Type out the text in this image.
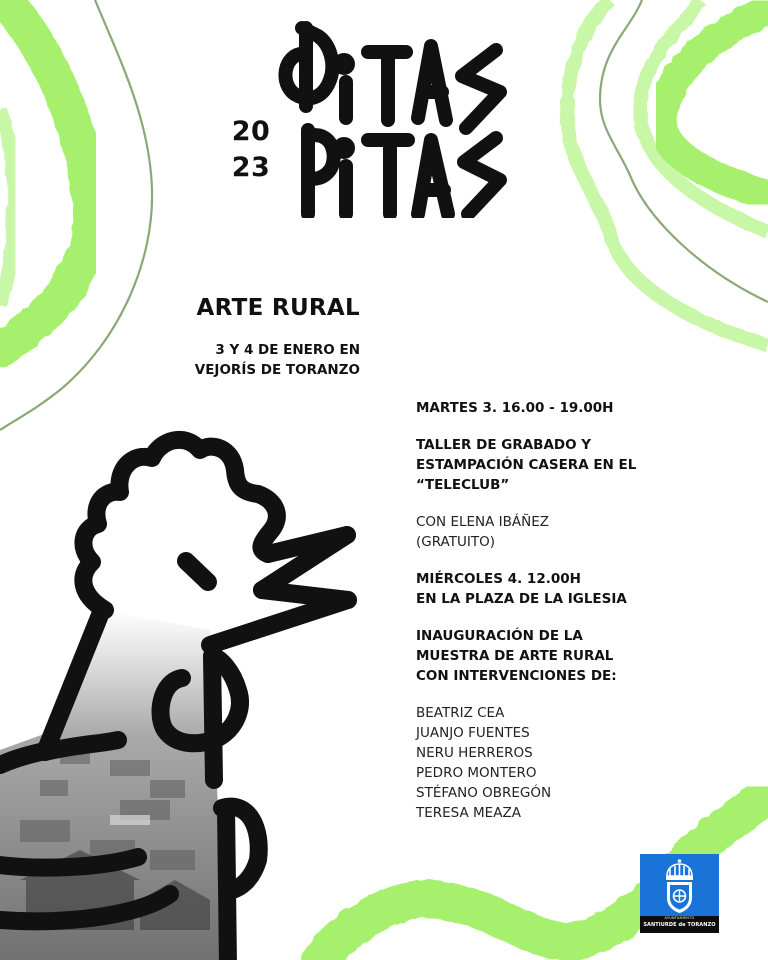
20
23
ARTE RURAL
3 Y 4 DE ENERO EN
VEJORÍS DE TORANZO
MARTES 3. 16.00 - 19.00H
TALLER DE GRABADO Y
ESTAMPACIÓN CASERA EN EL
“TELECLUB”
CON ELENA IBÁÑEZ
(GRATUITO)
MIÉRCOLES 4. 12.00H
EN LA PLAZA DE LA IGLESIA
INAUGURACIÓN DE LA
MUESTRA DE ARTE RURAL
CON INTERVENCIONES DE:
BEATRIZ CEA
JUANJO FUENTES
NERU HERREROS
PEDRO MONTERO
STÉFANO OBREGÓN
TERESA MEAZA
AYUNTAMIENTO
SANTIURDE de TORANZO
